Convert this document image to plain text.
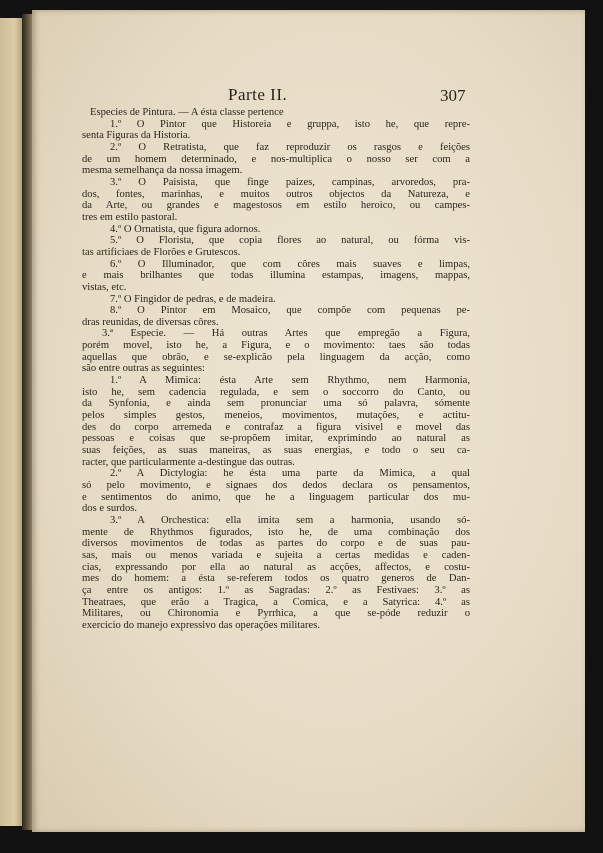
Parte II.	307
Especies de Pintura. — A ésta classe pertence
1.º O Pintor que Historeia e gruppa, isto he, que repre-
senta Figuras da Historia.
2.º O Retratista, que faz reproduzir os rasgos e feições
de um homem determinado, e nos-multiplica o nosso ser com a
mesma semelhança da nossa imagem.
3.º O Paisista, que finge paizes, campinas, arvoredos, pra-
dos, fontes, marinhas, e muitos outros objectos da Natureza, e
da Arte, ou grandes e magestosos em estilo heroico, ou campes-
tres em estilo pastoral.
4.º O Ornatista, que figura adornos.
5.º O Florista, que copia flores ao natural, ou fórma vis-
tas artificiaes de Florões e Grutescos.
6.º O Illuminador, que com côres mais suaves e limpas,
e mais brilhantes que todas illumina estampas, imagens, mappas,
vistas, etc.
7.º O Fingidor de pedras, e de madeira.
8.º O Pintor em Mosaico, que compõe com pequenas pe-
dras reunidas, de diversas côres.
3.ª Especie. — Há outras Artes que empregão a Figura,
porém movel, isto he, a Figura, e o movimento: taes são todas
aquellas que obrão, e se-explicão pela linguagem da acção, como
são entre outras as seguintes:
1.º A Mimica: ésta Arte sem Rhythmo, nem Harmonia,
isto he, sem cadencia regulada, e sem o soccorro do Canto, ou
da Synfonia, e ainda sem pronunciar uma só palavra, sómente
pelos simples gestos, meneios, movimentos, mutações, e actitu-
des do corpo arremeda e contrafaz a figura visivel e movel das
pessoas e coisas que se-propõem imitar, exprimindo ao natural as
suas feições, as suas maneiras, as suas energias, e todo o seu ca-
racter, que particularmente a-destingue das outras.
2.º A Dictylogia: he ésta uma parte da Mimica, a qual
só pelo movimento, e signaes dos dedos declara os pensamentos,
e sentimentos do animo, que he a linguagem particular dos mu-
dos e surdos.
3.º A Orchestica: ella imita sem a harmonia, usando só-
mente de Rhythmos figurados, isto he, de uma combinação dos
diversos movimentos de todas as partes do corpo e de suas pau-
sas, mais ou menos variada e sujeita a certas medidas e caden-
cias, expressando por ella ao natural as acções, affectos, e costu-
mes do homem: a ésta se-referem todos os quatro generos de Dan-
ça entre os antigos: 1.º as Sagradas: 2.º as Festivaes: 3.º as
Theatraes, que erão a Tragica, a Comica, e a Satyrica: 4.º as
Militares, ou Chironomia e Pyrrhica, a que se-póde reduzir o
exercicio do manejo expressivo das operações militares.
